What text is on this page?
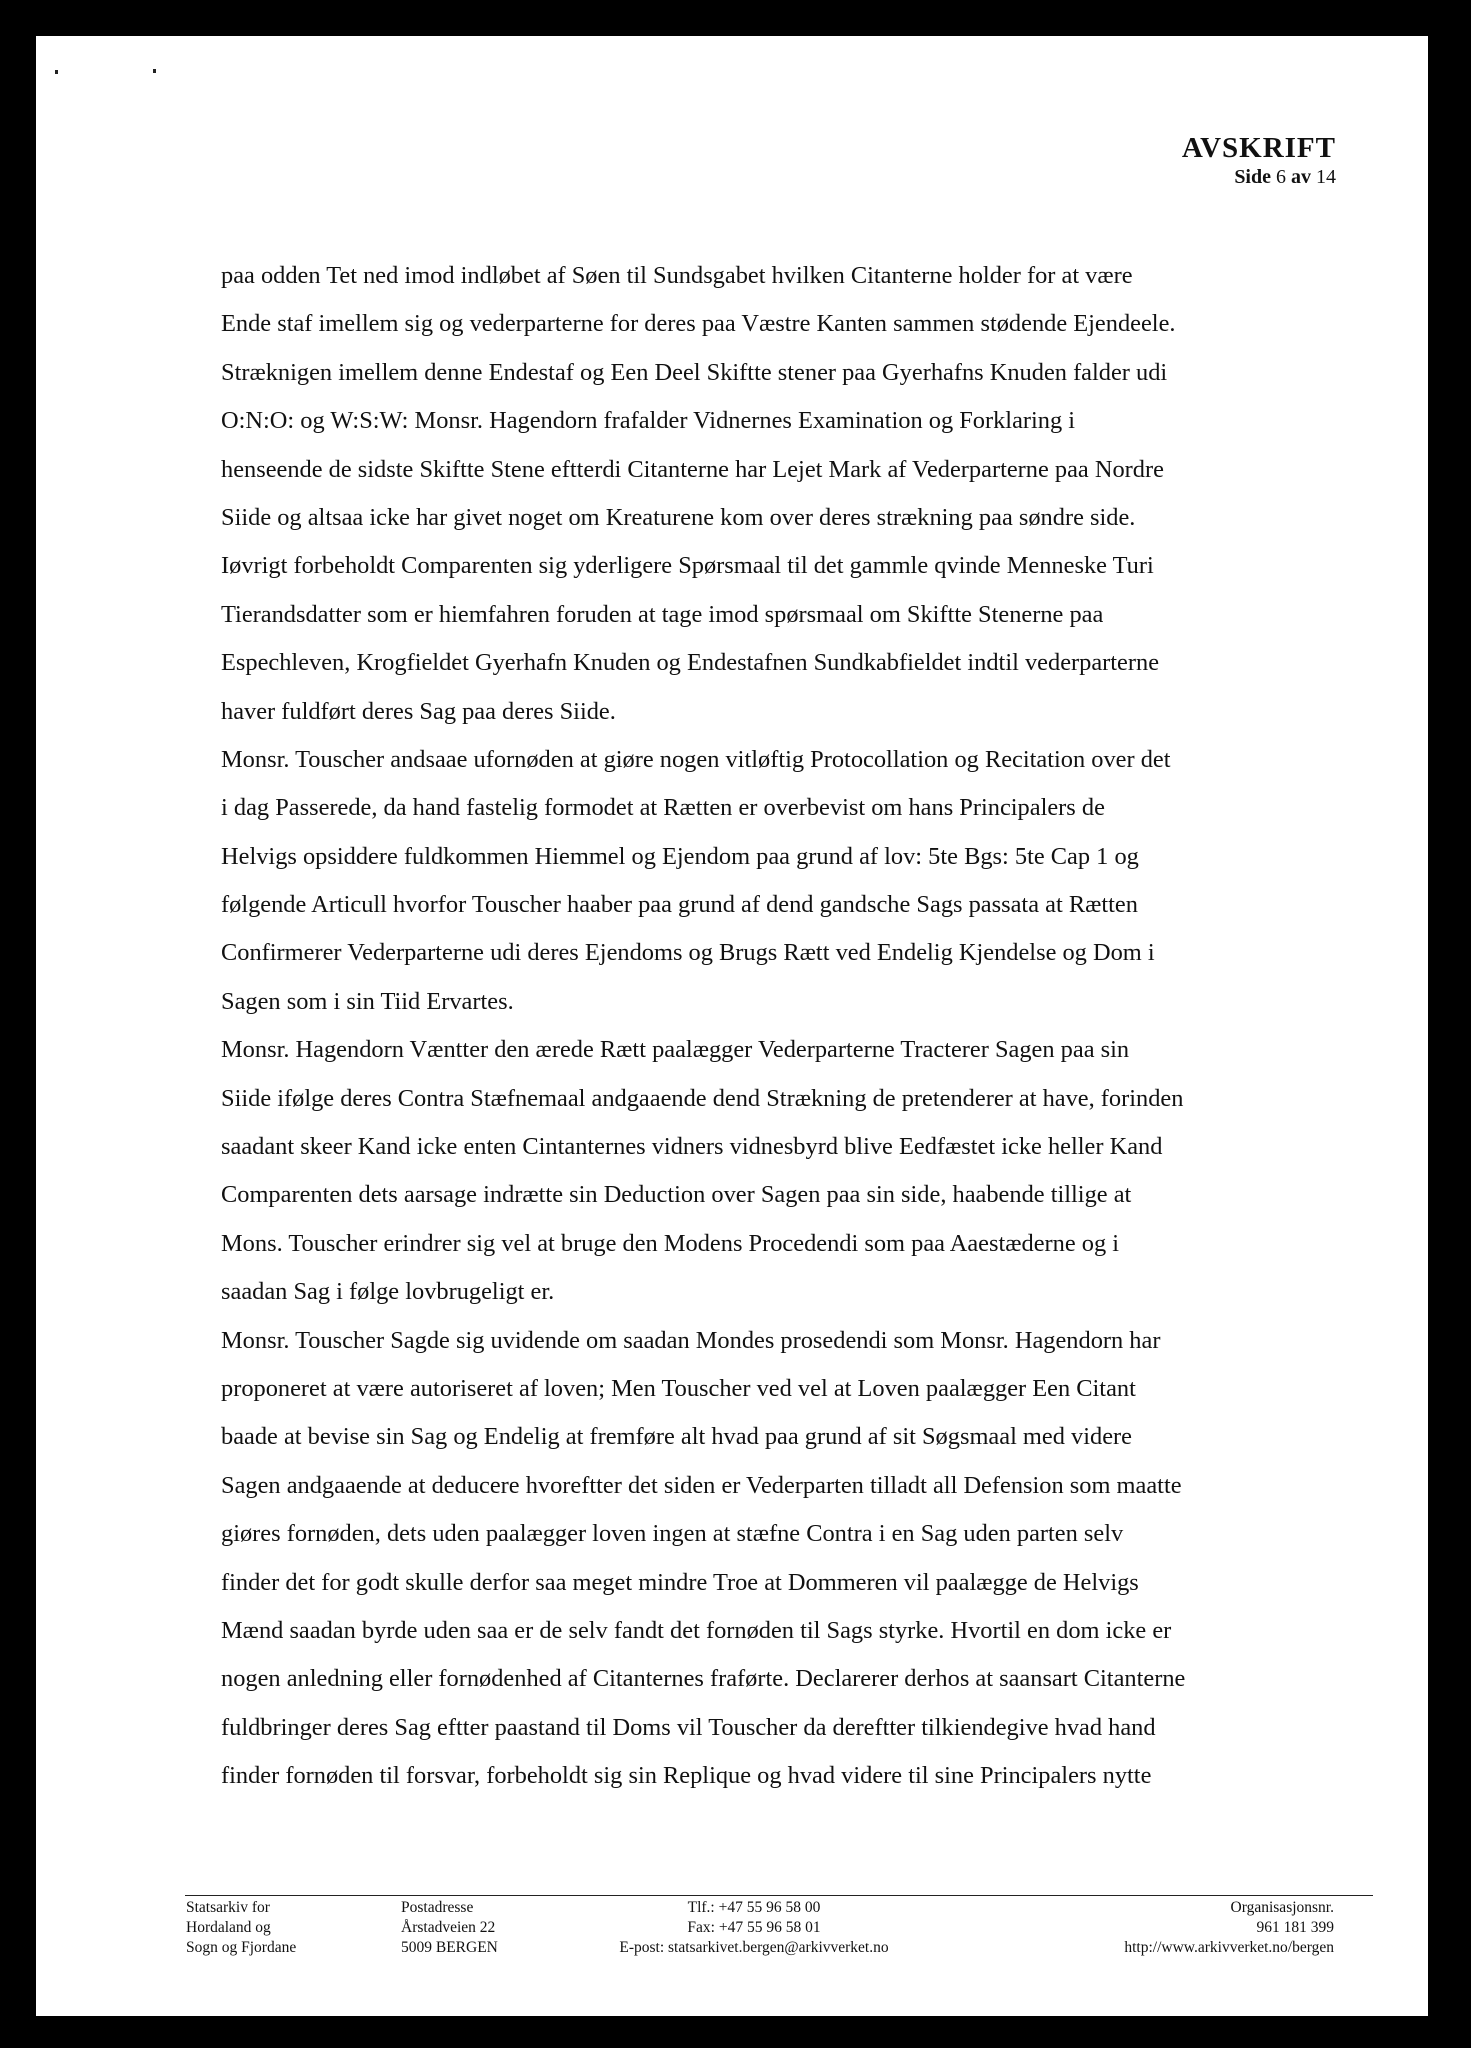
AVSKRIFT
Side 6 av 14
paa odden Tet ned imod indløbet af Søen til Sundsgabet hvilken Citanterne holder for at være
Ende staf imellem sig og vederparterne for deres paa Væstre Kanten sammen stødende Ejendeele.
Stræknigen imellem denne Endestaf og Een Deel Skiftte stener paa Gyerhafns Knuden falder udi
O:N:O: og W:S:W: Monsr. Hagendorn frafalder Vidnernes Examination og Forklaring i
henseende de sidste Skiftte Stene eftterdi Citanterne har Lejet Mark af Vederparterne paa Nordre
Siide og altsaa icke har givet noget om Kreaturene kom over deres strækning paa søndre side.
Iøvrigt forbeholdt Comparenten sig yderligere Spørsmaal til det gammle qvinde Menneske Turi
Tierandsdatter som er hiemfahren foruden at tage imod spørsmaal om Skiftte Stenerne paa
Espechleven, Krogfieldet Gyerhafn Knuden og Endestafnen Sundkabfieldet indtil vederparterne
haver fuldført deres Sag paa deres Siide.
Monsr. Touscher andsaae ufornøden at giøre nogen vitløftig Protocollation og Recitation over det
i dag Passerede, da hand fastelig formodet at Rætten er overbevist om hans Principalers de
Helvigs opsiddere fuldkommen Hiemmel og Ejendom paa grund af lov: 5te Bgs: 5te Cap 1 og
følgende Articull hvorfor Touscher haaber paa grund af dend gandsche Sags passata at Rætten
Confirmerer Vederparterne udi deres Ejendoms og Brugs Rætt ved Endelig Kjendelse og Dom i
Sagen som i sin Tiid Ervartes.
Monsr. Hagendorn Væntter den ærede Rætt paalægger Vederparterne Tracterer Sagen paa sin
Siide ifølge deres Contra Stæfnemaal andgaaende dend Strækning de pretenderer at have, forinden
saadant skeer Kand icke enten Cintanternes vidners vidnesbyrd blive Eedfæstet icke heller Kand
Comparenten dets aarsage indrætte sin Deduction over Sagen paa sin side, haabende tillige at
Mons. Touscher erindrer sig vel at bruge den Modens Procedendi som paa Aaestæderne og i
saadan Sag i følge lovbrugeligt er.
Monsr. Touscher Sagde sig uvidende om saadan Mondes prosedendi som Monsr. Hagendorn har
proponeret at være autoriseret af loven; Men Touscher ved vel at Loven paalægger Een Citant
baade at bevise sin Sag og Endelig at fremføre alt hvad paa grund af sit Søgsmaal med videre
Sagen andgaaende at deducere hvoreftter det siden er Vederparten tilladt all Defension som maatte
giøres fornøden, dets uden paalægger loven ingen at stæfne Contra i en Sag uden parten selv
finder det for godt skulle derfor saa meget mindre Troe at Dommeren vil paalægge de Helvigs
Mænd saadan byrde uden saa er de selv fandt det fornøden til Sags styrke. Hvortil en dom icke er
nogen anledning eller fornødenhed af Citanternes fraførte. Declarerer derhos at saansart Citanterne
fuldbringer deres Sag eftter paastand til Doms vil Touscher da dereftter tilkiendegive hvad hand
finder fornøden til forsvar, forbeholdt sig sin Replique og hvad videre til sine Principalers nytte
Statsarkiv for
Hordaland og
Sogn og Fjordane
Postadresse
Årstadveien 22
5009 BERGEN
Tlf.: +47 55 96 58 00
Fax: +47 55 96 58 01
E-post: statsarkivet.bergen@arkivverket.no
Organisasjonsnr.
961 181 399
http://www.arkivverket.no/bergen
